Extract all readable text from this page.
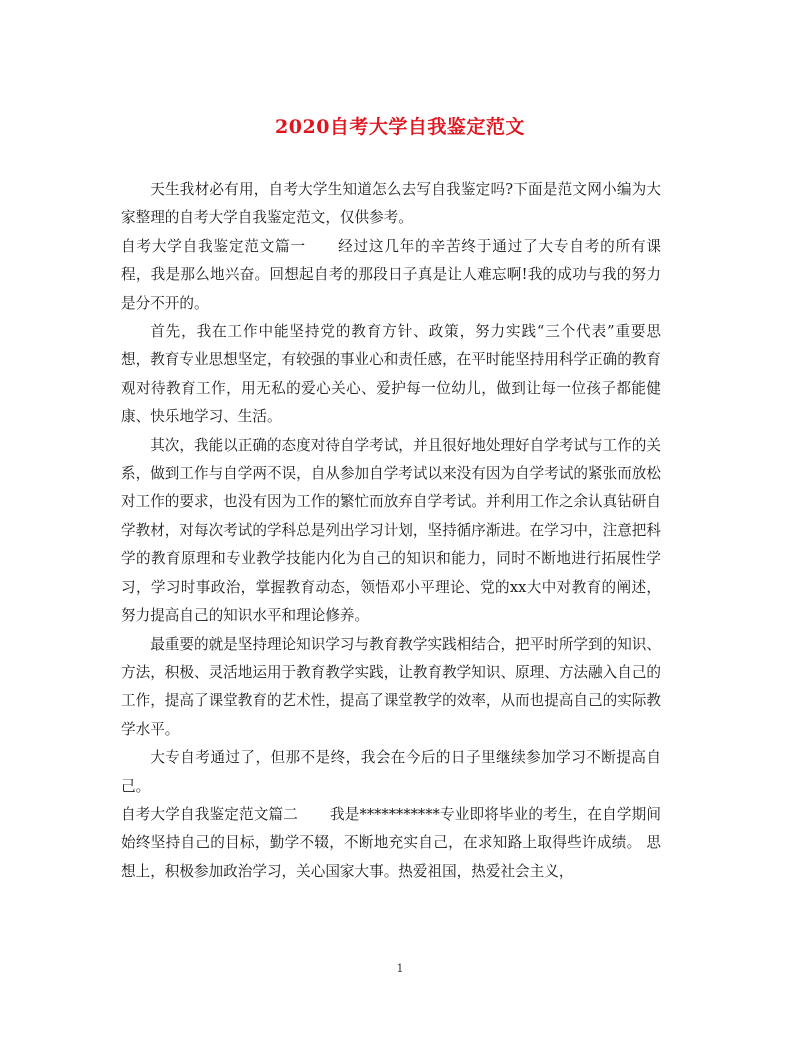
2020自考大学自我鉴定范文

天生我材必有用，自考大学生知道怎么去写自我鉴定吗?下面是范文网小编为大家整理的自考大学自我鉴定范文，仅供参考。

自考大学自我鉴定范文篇一 经过这几年的辛苦终于通过了大专自考的所有课程，我是那么地兴奋。回想起自考的那段日子真是让人难忘啊!我的成功与我的努力是分不开的。

首先，我在工作中能坚持党的教育方针、政策，努力实践“三个代表”重要思想，教育专业思想坚定，有较强的事业心和责任感，在平时能坚持用科学正确的教育观对待教育工作，用无私的爱心关心、爱护每一位幼儿，做到让每一位孩子都能健康、快乐地学习、生活。

其次，我能以正确的态度对待自学考试，并且很好地处理好自学考试与工作的关系，做到工作与自学两不误，自从参加自学考试以来没有因为自学考试的紧张而放松对工作的要求，也没有因为工作的繁忙而放弃自学考试。并利用工作之余认真钻研自学教材，对每次考试的学科总是列出学习计划，坚持循序渐进。在学习中，注意把科学的教育原理和专业教学技能内化为自己的知识和能力，同时不断地进行拓展性学习，学习时事政治，掌握教育动态，领悟邓小平理论、党的xx大中对教育的阐述，努力提高自己的知识水平和理论修养。

最重要的就是坚持理论知识学习与教育教学实践相结合，把平时所学到的知识、方法，积极、灵活地运用于教育教学实践，让教育教学知识、原理、方法融入自己的工作，提高了课堂教育的艺术性，提高了课堂教学的效率，从而也提高自己的实际教学水平。

大专自考通过了，但那不是终，我会在今后的日子里继续参加学习不断提高自己。

自考大学自我鉴定范文篇二 我是***********专业即将毕业的考生，在自学期间始终坚持自己的目标，勤学不辍，不断地充实自己，在求知路上取得些许成绩。 思想上，积极参加政治学习，关心国家大事。热爱祖国，热爱社会主义，

1
